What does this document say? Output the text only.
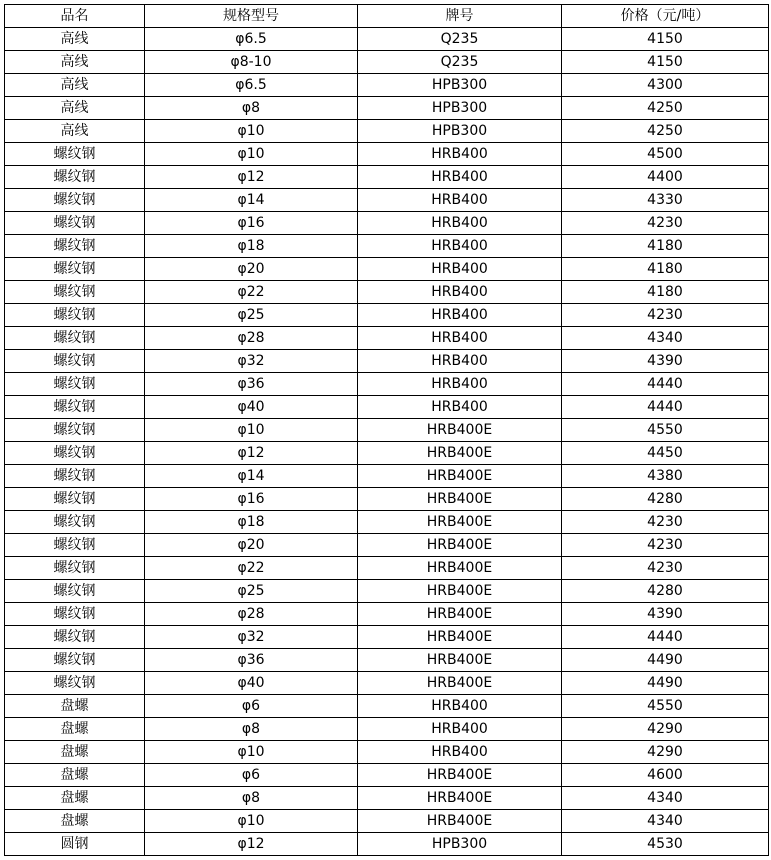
品名	规格型号	牌号	价格（元/吨）
高线	φ6.5	Q235	4150
高线	φ8-10	Q235	4150
高线	φ6.5	HPB300	4300
高线	φ8	HPB300	4250
高线	φ10	HPB300	4250
螺纹钢	φ10	HRB400	4500
螺纹钢	φ12	HRB400	4400
螺纹钢	φ14	HRB400	4330
螺纹钢	φ16	HRB400	4230
螺纹钢	φ18	HRB400	4180
螺纹钢	φ20	HRB400	4180
螺纹钢	φ22	HRB400	4180
螺纹钢	φ25	HRB400	4230
螺纹钢	φ28	HRB400	4340
螺纹钢	φ32	HRB400	4390
螺纹钢	φ36	HRB400	4440
螺纹钢	φ40	HRB400	4440
螺纹钢	φ10	HRB400E	4550
螺纹钢	φ12	HRB400E	4450
螺纹钢	φ14	HRB400E	4380
螺纹钢	φ16	HRB400E	4280
螺纹钢	φ18	HRB400E	4230
螺纹钢	φ20	HRB400E	4230
螺纹钢	φ22	HRB400E	4230
螺纹钢	φ25	HRB400E	4280
螺纹钢	φ28	HRB400E	4390
螺纹钢	φ32	HRB400E	4440
螺纹钢	φ36	HRB400E	4490
螺纹钢	φ40	HRB400E	4490
盘螺	φ6	HRB400	4550
盘螺	φ8	HRB400	4290
盘螺	φ10	HRB400	4290
盘螺	φ6	HRB400E	4600
盘螺	φ8	HRB400E	4340
盘螺	φ10	HRB400E	4340
圆钢	φ12	HPB300	4530
